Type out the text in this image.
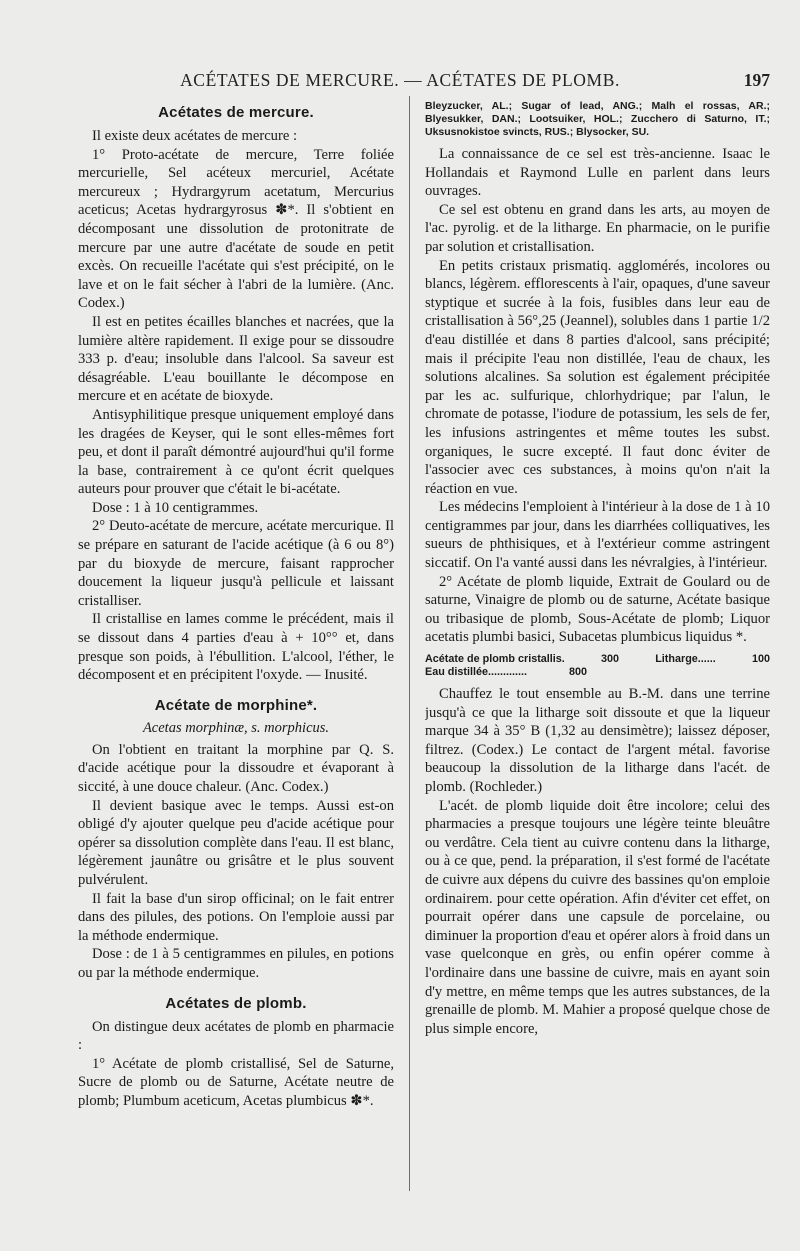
ACÉTATES DE MERCURE. — ACÉTATES DE PLOMB.	197
Acétates de mercure.

Il existe deux acétates de mercure :

1° Proto-acétate de mercure, Terre foliée mercurielle, Sel acéteux mercuriel, Acétate mercureux ; Hydrargyrum acetatum, Mercurius aceticus; Acetas hydrargyrosus ✽*. Il s'obtient en décomposant une dissolution de protonitrate de mercure par une autre d'acétate de soude en petit excès. On recueille l'acétate qui s'est précipité, on le lave et on le fait sécher à l'abri de la lumière. (Anc. Codex.)

Il est en petites écailles blanches et nacrées, que la lumière altère rapidement. Il exige pour se dissoudre 333 p. d'eau; insoluble dans l'alcool. Sa saveur est désagréable. L'eau bouillante le décompose en mercure et en acétate de bioxyde.

Antisyphilitique presque uniquement employé dans les dragées de Keyser, qui le sont elles-mêmes fort peu, et dont il paraît démontré aujourd'hui qu'il forme la base, contrairement à ce qu'ont écrit quelques auteurs pour prouver que c'était le bi-acétate.

Dose : 1 à 10 centigrammes.

2° Deuto-acétate de mercure, acétate mercurique. Il se prépare en saturant de l'acide acétique (à 6 ou 8°) par du bioxyde de mercure, faisant rapprocher doucement la liqueur jusqu'à pellicule et laissant cristalliser.

Il cristallise en lames comme le précédent, mais il se dissout dans 4 parties d'eau à + 10°° et, dans presque son poids, à l'ébullition. L'alcool, l'éther, le décomposent et en précipitent l'oxyde. — Inusité.

Acétate de morphine*.
Acetas morphinæ, s. morphicus.

On l'obtient en traitant la morphine par Q. S. d'acide acétique pour la dissoudre et évaporant à siccité, à une douce chaleur. (Anc. Codex.)

Il devient basique avec le temps. Aussi est-on obligé d'y ajouter quelque peu d'acide acétique pour opérer sa dissolution complète dans l'eau. Il est blanc, légèrement jaunâtre ou grisâtre et le plus souvent pulvérulent.

Il fait la base d'un sirop officinal; on le fait entrer dans des pilules, des potions. On l'emploie aussi par la méthode endermique.

Dose : de 1 à 5 centigrammes en pilules, en potions ou par la méthode endermique.

Acétates de plomb.

On distingue deux acétates de plomb en pharmacie :

1° Acétate de plomb cristallisé, Sel de Saturne, Sucre de plomb ou de Saturne, Acétate neutre de plomb; Plumbum aceticum, Acetas plumbicus ✽*.

Bleyzucker, AL.; Sugar of lead, ANG.; Malh el rossas, AR.; Blyesukker, DAN.; Lootsuiker, HOL.; Zucchero di Saturno, IT.; Uksusnokistoe svincts, RUS.; Blysocker, SU.

La connaissance de ce sel est très-ancienne. Isaac le Hollandais et Raymond Lulle en parlent dans leurs ouvrages.

Ce sel est obtenu en grand dans les arts, au moyen de l'ac. pyrolig. et de la litharge. En pharmacie, on le purifie par solution et cristallisation.

En petits cristaux prismatiq. agglomérés, incolores ou blancs, légèrem. efflorescents à l'air, opaques, d'une saveur styptique et sucrée à la fois, fusibles dans leur eau de cristallisation à 56°,25 (Jeannel), solubles dans 1 partie 1/2 d'eau distillée et dans 8 parties d'alcool, sans précipité; mais il précipite l'eau non distillée, l'eau de chaux, les solutions alcalines. Sa solution est également précipitée par les ac. sulfurique, chlorhydrique; par l'alun, le chromate de potasse, l'iodure de potassium, les sels de fer, les infusions astringentes et même toutes les subst. organiques, le sucre excepté. Il faut donc éviter de l'associer avec ces substances, à moins qu'on n'ait la réaction en vue.

Les médecins l'emploient à l'intérieur à la dose de 1 à 10 centigrammes par jour, dans les diarrhées colliquatives, les sueurs de phthisiques, et à l'extérieur comme astringent siccatif. On l'a vanté aussi dans les névralgies, à l'intérieur.

2° Acétate de plomb liquide, Extrait de Goulard ou de saturne, Vinaigre de plomb ou de saturne, Acétate basique ou tribasique de plomb, Sous-Acétate de plomb; Liquor acetatis plumbi basici, Subacetas plumbicus liquidus *.

Acétate de plomb cristallis.	300	Litharge......	100
Eau distillée.............	800

Chauffez le tout ensemble au B.-M. dans une terrine jusqu'à ce que la litharge soit dissoute et que la liqueur marque 34 à 35° B (1,32 au densimètre); laissez déposer, filtrez. (Codex.) Le contact de l'argent métal. favorise beaucoup la dissolution de la litharge dans l'acét. de plomb. (Rochleder.)

L'acét. de plomb liquide doit être incolore; celui des pharmacies a presque toujours une légère teinte bleuâtre ou verdâtre. Cela tient au cuivre contenu dans la litharge, ou à ce que, pend. la préparation, il s'est formé de l'acétate de cuivre aux dépens du cuivre des bassines qu'on emploie ordinairem. pour cette opération. Afin d'éviter cet effet, on pourrait opérer dans une capsule de porcelaine, ou diminuer la proportion d'eau et opérer alors à froid dans un vase quelconque en grès, ou enfin opérer comme à l'ordinaire dans une bassine de cuivre, mais en ayant soin d'y mettre, en même temps que les autres substances, de la grenaille de plomb. M. Mahier a proposé quelque chose de plus simple encore,
